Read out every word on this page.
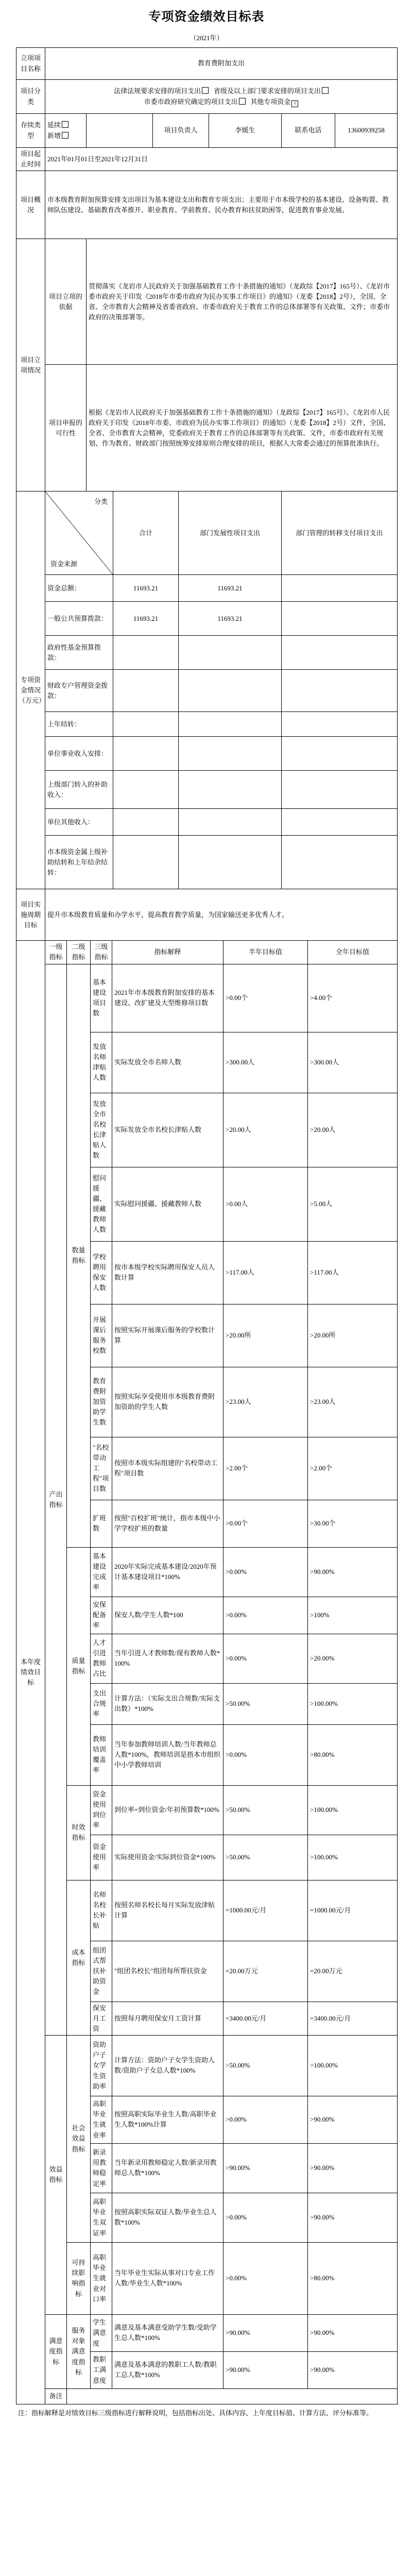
专项资金绩效目标表
（2021年）
立项项目名称	教育费附加支出							
项目分类	法律法规要求安排的项目支出 省级及以上部门要求安排的项目支出
市委市政府研究确定的项目支出 其他专项资金 √							
存续类型	延续
新增			项目负责人		李媛生	联系电话	13600939258
项目起止时间	2021年01月01日至2021年12月31日							
项目概况	市本级教育附加预算安排支出项目为基本建设支出和教育专项支出；主要用于市本级学校的基本建设、设备购置、教师队伍建设、基础教育改革推开、职业教育、学前教育、民办教育和扶贫助困等，促进教育事业发展。							
项目立项情况	项目立项的依据	贯彻落实《龙岩市人民政府关于加强基础教育工作十条措施的通知》（龙政综【2017】165号）、《龙岩市委市政府关于印发《2018年市委市政府为民办实事工作项目》的通知》（龙委【2018】2号），全国、全省、全市教育大会精神及省委省政府、市委市政府关于教育工作的总体部署等有关政策、文件；市委市政府的决策部署等。						
	项目申报的可行性	根据《龙岩市人民政府关于加强基础教育工作十条措施的通知》（龙政综【2017】165号）、《龙岩市人民政府关于印发《2018年市委、市政府为民办实事工作项目》的通知》（龙委【2018】2号）文件，全国、全省、全市教育大会精神，党委政府关于教育工作的总体部署等有关政策、文件，市委市政府有关规划、作为教育、财政部门按照统筹安排原则合理安排的项目，根据人大常委会通过的预算批准执行。						
专项资金情况（万元）	分类
资金来源		合计		部门发展性项目支出		部门管理的转移支付项目支出	
	资金总额：		11693.21		11693.21			
	一般公共预算拨款：		11693.21		11693.21			
	政府性基金预算拨款：							
	财政专户管理资金拨款：							
	上年结转：							
	单位事业收入安排：							
	上级部门转入的补助收入：							
	单位其他收入：							
	市本级资金属上级补助结转和上年结余结转：							
项目实施周期目标	提升市本级教育质量和办学水平，提高教育教学质量，为国家输送更多优秀人才。							
本年度绩效目标	一级指标	二级指标	三级指标	指标解释	半年目标值	全年目标值
	产出指标	数量指标	基本建设项目数	2021年市本级教育附加安排的基本建设、改扩建及大型维修项目数	>0.00个	>4.00个
			发放名师津贴人数	实际发放全市名师人数	>300.00人	>300.00人
			发放全市名校长津贴人数	实际发放全市名校长津贴人数	>20.00人	>20.00人
			慰问援疆、援藏教师人数	实际慰问援疆、援藏教师人数	>0.00人	>5.00人
			学校聘用保安人数	按市本级学校实际聘用保安人员人数计算	>117.00人	>117.00人
			开展课后服务校数	按照实际开展课后服务的学校数计算	>20.00所	>20.00所
			教育费附加资助学生数	按照实际享受使用市本级教育费附加资助的学生人数	>23.00人	>23.00人
			"名校带动工程"项目数	按照市本级实际组建的"名校带动工程"项目数	>2.00个	>2.00个
			扩班数	按照"百校扩班"统计，指市本级中小学学校扩班的数量	>0.00个	>30.00个
		质量指标	基本建设完成率	2020年实际完成基本建设/2020年预计基本建设项目*100%	>0.00%	>90.00%
			安保配备率	保安人数/学生人数*100	>0.00%	>100%
			人才引进教师占比	当年引进人才教师数/现有教师人数*100%	>0.00%	>20.00%
			支出合规率	计算方法：（实际支出合规数/实际支出数）*100%	>50.00%	>100.00%
			教师培训覆盖率	当年参加教师培训人数/当年教师总人数*100%，教师培训是指本市组织中小学教师培训	>0.00%	>80.00%
		时效指标	资金使用到位率	到位率=到位资金/年初预算数*100%	>50.00%	>100.00%
			资金使用率	实际使用资金/实际到位资金*100%	>50.00%	>100.00%
		成本指标	名师名校长补贴	按照名师名校长每月实际发放津贴计算	=1000.00元/月	=1000.00元/月
			组团式帮扶补助资金	"组团名校长"组团每所帮扶资金	=20.00万元	=20.00万元
			保安月工资	按照每月聘用保安月工资计算	=3400.00元/月	=3400.00元/月
	效益指标	社会效益指标	资助户子女学生资助率	计算方法：资助户子女学生资助人数/资助户子女总人数*100%	>50.00%	>100.00%
			高职毕业生就业率	按照高职实际毕业生人数/高职毕业生人数*100%计算	>0.00%	>90.00%
			新录用教师稳定率	当年新录用教师稳定人数/新录用教师总人数*100%	>90.00%	>90.00%
			高职毕业生双证率	按照高职实际双证人数/毕业生总人数*100%	>0.00%	>90.00%
		可持续影响指标	高职毕业生就业对口率	当年毕业生实际从事对口专业工作人数/毕业生人数*100%	>0.00%	>80.00%
	满意度指标	服务对象满意度指标	学生满意度	满意及基本满意受助学生数/受助学生总人数*100%	>90.00%	>90.00%
			教职工满意度	满意及基本满意的教职工人数/教职工总人数*100%	>90.00%	>90.00%
	备注					
注：指标解释是对绩效目标三级指标进行解释说明，包括指标出处、具体内容、上年度目标值、计算方法、评分标准等。
